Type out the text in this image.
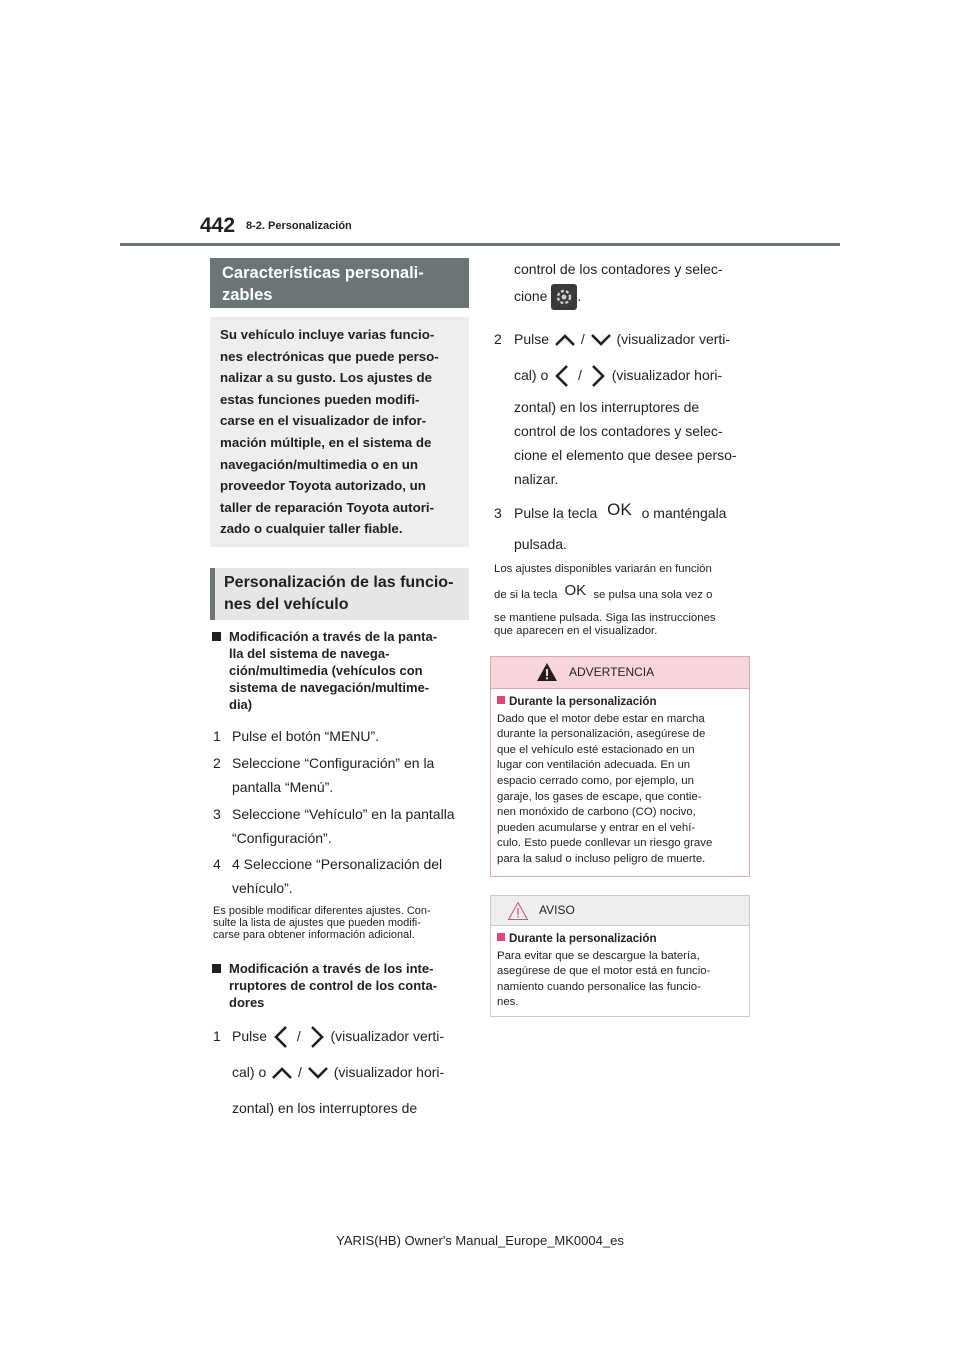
442 8-2. Personalización
Características personali-
zables
Su vehículo incluye varias funcio-
nes electrónicas que puede perso-
nalizar a su gusto. Los ajustes de
estas funciones pueden modifi-
carse en el visualizador de infor-
mación múltiple, en el sistema de
navegación/multimedia o en un
proveedor Toyota autorizado, un
taller de reparación Toyota autori-
zado o cualquier taller fiable.
Personalización de las funcio-
nes del vehículo
Modificación a través de la panta-
lla del sistema de navega-
ción/multimedia (vehículos con
sistema de navegación/multime-
dia)
1 Pulse el botón “MENU”.
2 Seleccione “Configuración” en la
pantalla “Menú”.
3 Seleccione “Vehículo” en la pantalla
“Configuración”.
4 4 Seleccione “Personalización del
vehículo”.
Es posible modificar diferentes ajustes. Con-
sulte la lista de ajustes que pueden modifi-
carse para obtener información adicional.
Modificación a través de los inte-
rruptores de control de los conta-
dores
1 Pulse / (visualizador verti-
cal) o / (visualizador hori-
zontal) en los interruptores de
control de los contadores y selec-
cione .
2 Pulse / (visualizador verti-
cal) o / (visualizador hori-
zontal) en los interruptores de
control de los contadores y selec-
cione el elemento que desee perso-
nalizar.
3 Pulse la tecla OK o manténgala
pulsada.
Los ajustes disponibles variarán en función
de si la tecla OK se pulsa una sola vez o
se mantiene pulsada. Siga las instrucciones
que aparecen en el visualizador.
ADVERTENCIA
Durante la personalización
Dado que el motor debe estar en marcha
durante la personalización, asegúrese de
que el vehículo esté estacionado en un
lugar con ventilación adecuada. En un
espacio cerrado como, por ejemplo, un
garaje, los gases de escape, que contie-
nen monóxido de carbono (CO) nocivo,
pueden acumularse y entrar en el vehí-
culo. Esto puede conllevar un riesgo grave
para la salud o incluso peligro de muerte.
AVISO
Durante la personalización
Para evitar que se descargue la batería,
asegúrese de que el motor está en funcio-
namiento cuando personalice las funcio-
nes.
YARIS(HB) Owner's Manual_Europe_MK0004_es
